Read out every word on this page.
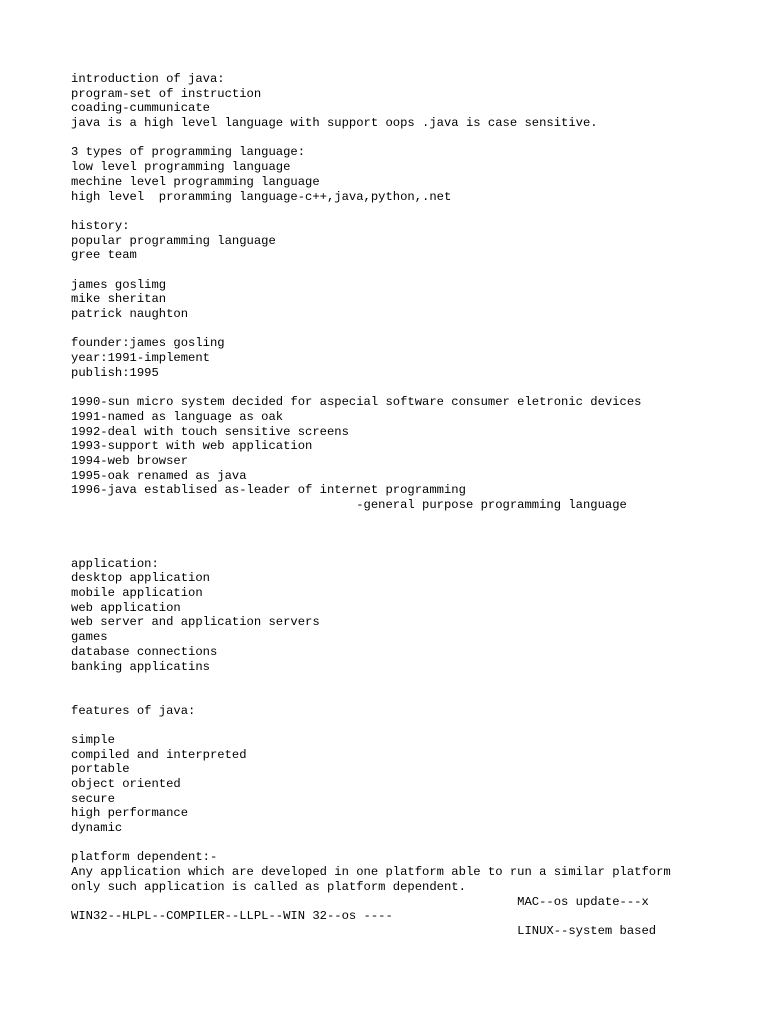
introduction of java:
program-set of instruction
coading-cummunicate
java is a high level language with support oops .java is case sensitive.
3 types of programming language:
low level programming language
mechine level programming language
high level  proramming language-c++,java,python,.net
history:
popular programming language
gree team
james goslimg
mike sheritan
patrick naughton
founder:james gosling
year:1991-implement
publish:1995
1990-sun micro system decided for aspecial software consumer eletronic devices
1991-named as language as oak
1992-deal with touch sensitive screens
1993-support with web application
1994-web browser
1995-oak renamed as java
1996-java establised as-leader of internet programming
-general purpose programming language
application:
desktop application
mobile application
web application
web server and application servers
games
database connections
banking applicatins
features of java:
simple
compiled and interpreted
portable
object oriented
secure
high performance
dynamic
platform dependent:-
Any application which are developed in one platform able to run a similar platform
only such application is called as platform dependent.
MAC--os update---x
WIN32--HLPL--COMPILER--LLPL--WIN 32--os ----
LINUX--system based
